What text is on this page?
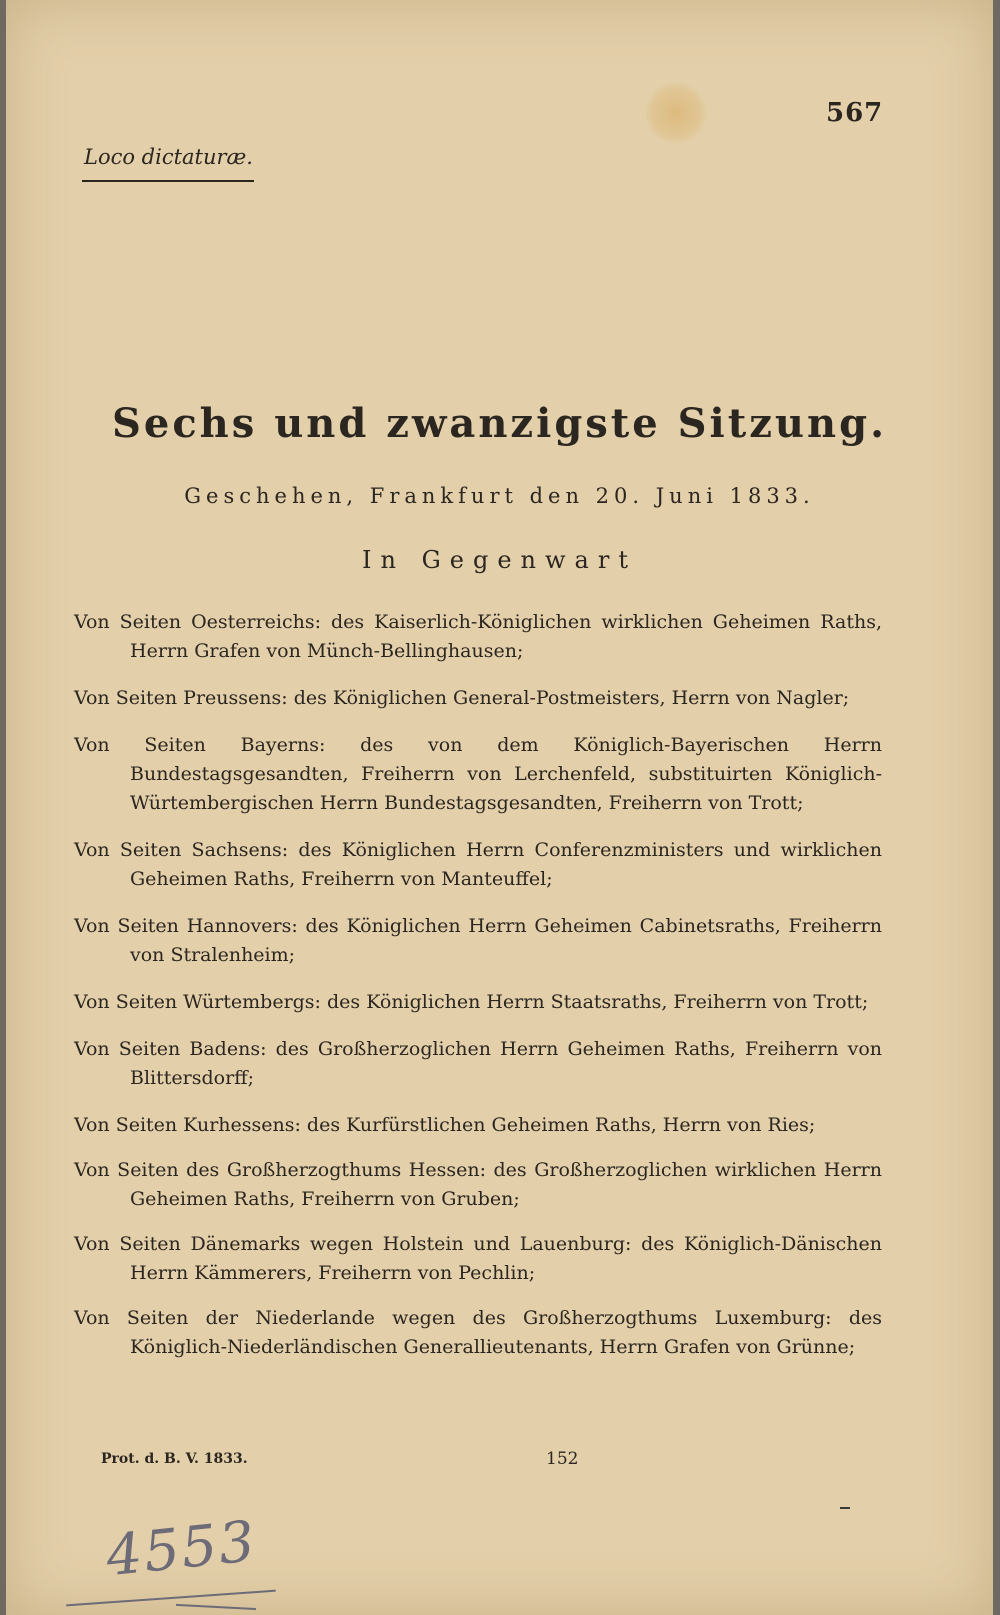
567
Loco dictaturæ.
Sechs und zwanzigste Sitzung.
Geschehen, Frankfurt den 20. Juni 1833.
In Gegenwart

Von Seiten Oesterreichs: des Kaiserlich-Königlichen wirklichen Geheimen Raths, Herrn Grafen von Münch-Bellinghausen;

Von Seiten Preussens: des Königlichen General-Postmeisters, Herrn von Nagler;

Von Seiten Bayerns: des von dem Königlich-Bayerischen Herrn Bundestagsgesandten, Freiherrn von Lerchenfeld, substituirten Königlich-Würtembergischen Herrn Bundestagsgesandten, Freiherrn von Trott;

Von Seiten Sachsens: des Königlichen Herrn Conferenzministers und wirklichen Geheimen Raths, Freiherrn von Manteuffel;

Von Seiten Hannovers: des Königlichen Herrn Geheimen Cabinetsraths, Freiherrn von Stralenheim;

Von Seiten Würtembergs: des Königlichen Herrn Staatsraths, Freiherrn von Trott;

Von Seiten Badens: des Großherzoglichen Herrn Geheimen Raths, Freiherrn von Blittersdorff;

Von Seiten Kurhessens: des Kurfürstlichen Geheimen Raths, Herrn von Ries;

Von Seiten des Großherzogthums Hessen: des Großherzoglichen wirklichen Herrn Geheimen Raths, Freiherrn von Gruben;

Von Seiten Dänemarks wegen Holstein und Lauenburg: des Königlich-Dänischen Herrn Kämmerers, Freiherrn von Pechlin;

Von Seiten der Niederlande wegen des Großherzogthums Luxemburg: des Königlich-Niederländischen Generallieutenants, Herrn Grafen von Grünne;

Prot. d. B. V. 1833.	152
4553
